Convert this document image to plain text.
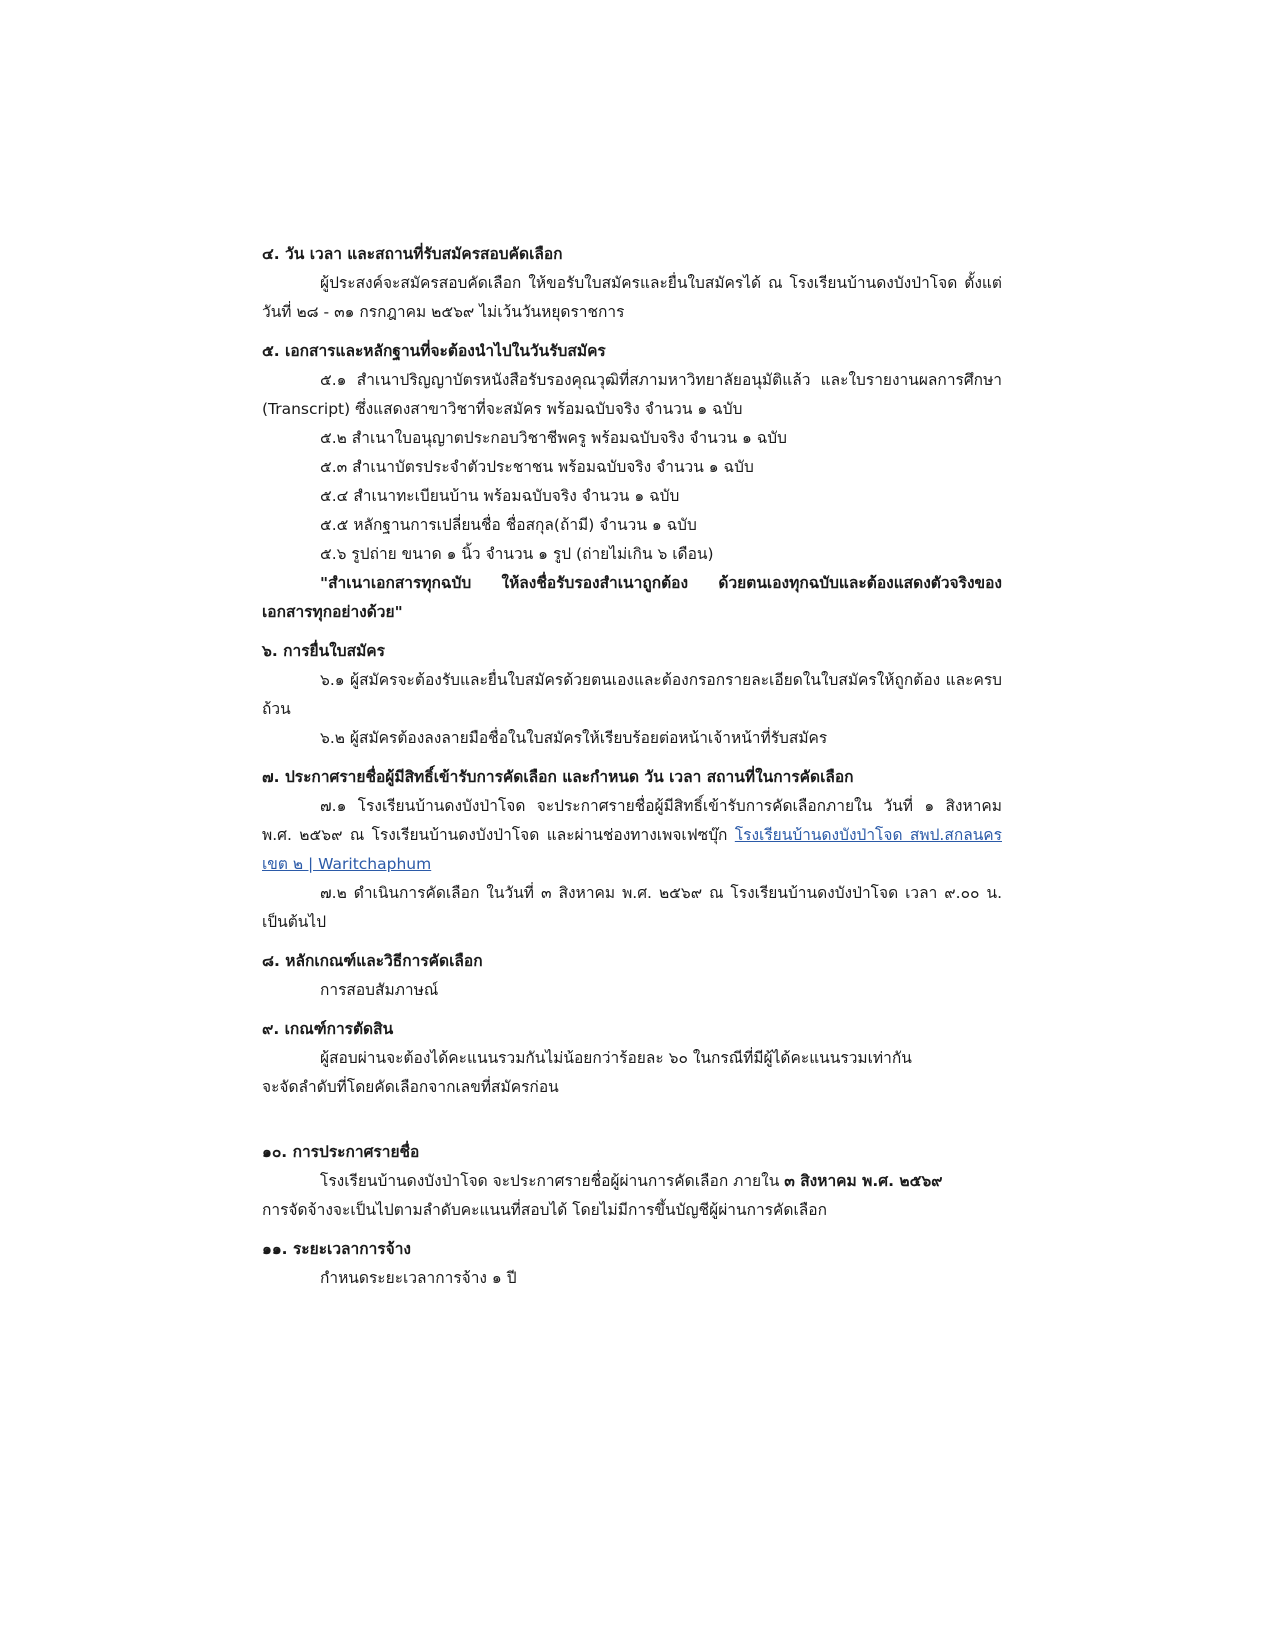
๔. วัน เวลา และสถานที่รับสมัครสอบคัดเลือก
ผู้ประสงค์จะสมัครสอบคัดเลือก ให้ขอรับใบสมัครและยื่นใบสมัครได้ ณ โรงเรียนบ้านดงบังป่าโจด ตั้งแต่วันที่ ๒๘ - ๓๑ กรกฎาคม ๒๕๖๙ ไม่เว้นวันหยุดราชการ
๕. เอกสารและหลักฐานที่จะต้องนำไปในวันรับสมัคร
๕.๑ สำเนาปริญญาบัตรหนังสือรับรองคุณวุฒิที่สภามหาวิทยาลัยอนุมัติแล้ว และใบรายงานผลการศึกษา (Transcript) ซึ่งแสดงสาขาวิชาที่จะสมัคร พร้อมฉบับจริง จำนวน ๑ ฉบับ
๕.๒ สำเนาใบอนุญาตประกอบวิชาชีพครู พร้อมฉบับจริง จำนวน ๑ ฉบับ
๕.๓ สำเนาบัตรประจำตัวประชาชน พร้อมฉบับจริง จำนวน ๑ ฉบับ
๕.๔ สำเนาทะเบียนบ้าน พร้อมฉบับจริง จำนวน ๑ ฉบับ
๕.๕ หลักฐานการเปลี่ยนชื่อ ชื่อสกุล(ถ้ามี) จำนวน ๑ ฉบับ
๕.๖ รูปถ่าย ขนาด ๑ นิ้ว จำนวน ๑ รูป (ถ่ายไม่เกิน ๖ เดือน)
"สำเนาเอกสารทุกฉบับ ให้ลงชื่อรับรองสำเนาถูกต้อง ด้วยตนเองทุกฉบับและต้องแสดงตัวจริงของเอกสารทุกอย่างด้วย"
๖. การยื่นใบสมัคร
๖.๑ ผู้สมัครจะต้องรับและยื่นใบสมัครด้วยตนเองและต้องกรอกรายละเอียดในใบสมัครให้ถูกต้อง และครบถ้วน
๖.๒ ผู้สมัครต้องลงลายมือชื่อในใบสมัครให้เรียบร้อยต่อหน้าเจ้าหน้าที่รับสมัคร
๗. ประกาศรายชื่อผู้มีสิทธิ์เข้ารับการคัดเลือก และกำหนด วัน เวลา สถานที่ในการคัดเลือก
๗.๑ โรงเรียนบ้านดงบังป่าโจด จะประกาศรายชื่อผู้มีสิทธิ์เข้ารับการคัดเลือกภายใน วันที่ ๑ สิงหาคม พ.ศ. ๒๕๖๙ ณ โรงเรียนบ้านดงบังป่าโจด และผ่านช่องทางเพจเฟซบุ๊ก โรงเรียนบ้านดงบังป่าโจด สพป.สกลนคร เขต ๒ | Waritchaphum
๗.๒ ดำเนินการคัดเลือก ในวันที่ ๓ สิงหาคม พ.ศ. ๒๕๖๙ ณ โรงเรียนบ้านดงบังป่าโจด เวลา ๙.๐๐ น. เป็นต้นไป
๘. หลักเกณฑ์และวิธีการคัดเลือก
การสอบสัมภาษณ์
๙. เกณฑ์การตัดสิน
ผู้สอบผ่านจะต้องได้คะแนนรวมกันไม่น้อยกว่าร้อยละ ๖๐ ในกรณีที่มีผู้ได้คะแนนรวมเท่ากัน
จะจัดลำดับที่โดยคัดเลือกจากเลขที่สมัครก่อน
๑๐. การประกาศรายชื่อ
โรงเรียนบ้านดงบังป่าโจด จะประกาศรายชื่อผู้ผ่านการคัดเลือก ภายใน ๓ สิงหาคม พ.ศ. ๒๕๖๙
การจัดจ้างจะเป็นไปตามลำดับคะแนนที่สอบได้ โดยไม่มีการขึ้นบัญชีผู้ผ่านการคัดเลือก
๑๑. ระยะเวลาการจ้าง
กำหนดระยะเวลาการจ้าง ๑ ปี
